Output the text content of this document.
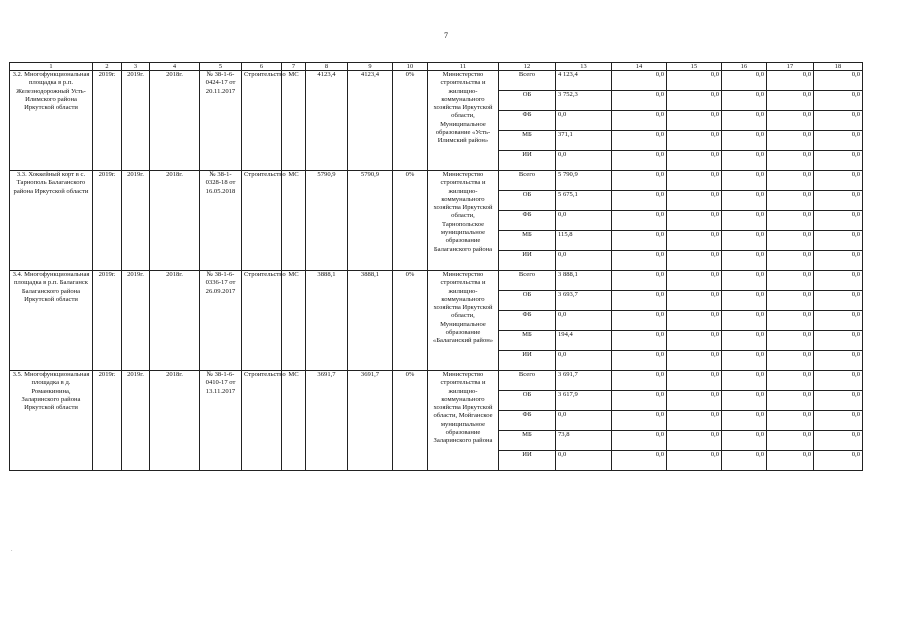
7
1	2	3	4	5	6	7	8	9	10	11	12	13	14	15	16	17	18
3.2. Многофункциональная площадка в р.п. Железнодорожный Усть-Илимского района Иркутской области	2019г.	2019г.	2018г.	№ 38-1-6-0424-17 от 20.11.2017	Строительство	МС	4123,4	4123,4	0%	Министерство строительства и жилищно-коммунального хозяйства Иркутской области, Муниципальное образование «Усть-Илимский район»	Всего	4 123,4	0,0	0,0	0,0	0,0	0,0
											ОБ	3 752,3	0,0	0,0	0,0	0,0	0,0
											ФБ	0,0	0,0	0,0	0,0	0,0	0,0
											МБ	371,1	0,0	0,0	0,0	0,0	0,0
											ИИ	0,0	0,0	0,0	0,0	0,0	0,0
3.3. Хоккейный корт в с. Тарнополь Балаганского района Иркутской области	2019г.	2019г.	2018г.	№ 38-1-0328-18 от 16.05.2018	Строительство	МС	5790,9	5790,9	0%	Министерство строительства и жилищно-коммунального хозяйства Иркутской области, Тарнопольское муниципальное образование Балаганского района	Всего	5 790,9	0,0	0,0	0,0	0,0	0,0
											ОБ	5 675,1	0,0	0,0	0,0	0,0	0,0
											ФБ	0,0	0,0	0,0	0,0	0,0	0,0
											МБ	115,8	0,0	0,0	0,0	0,0	0,0
											ИИ	0,0	0,0	0,0	0,0	0,0	0,0
3.4. Многофункциональная площадка в р.п. Балаганск Балаганского района Иркутской области	2019г.	2019г.	2018г.	№ 38-1-6-0336-17 от 26.09.2017	Строительство	МС	3888,1	3888,1	0%	Министерство строительства и жилищно-коммунального хозяйства Иркутской области, Муниципальное образование «Балаганский район»	Всего	3 888,1	0,0	0,0	0,0	0,0	0,0
											ОБ	3 693,7	0,0	0,0	0,0	0,0	0,0
											ФБ	0,0	0,0	0,0	0,0	0,0	0,0
											МБ	194,4	0,0	0,0	0,0	0,0	0,0
											ИИ	0,0	0,0	0,0	0,0	0,0	0,0
3.5. Многофункциональная площадка в д. Романкинина, Заларинского района Иркутской области	2019г.	2019г.	2018г.	№ 38-1-6-0410-17 от 13.11.2017	Строительство	МС	3691,7	3691,7	0%	Министерство строительства и жилищно-коммунального хозяйства Иркутской области, Мойганское муниципальное образование Заларинского района	Всего	3 691,7	0,0	0,0	0,0	0,0	0,0
											ОБ	3 617,9	0,0	0,0	0,0	0,0	0,0
											ФБ	0,0	0,0	0,0	0,0	0,0	0,0
											МБ	73,8	0,0	0,0	0,0	0,0	0,0
											ИИ	0,0	0,0	0,0	0,0	0,0	0,0
.
